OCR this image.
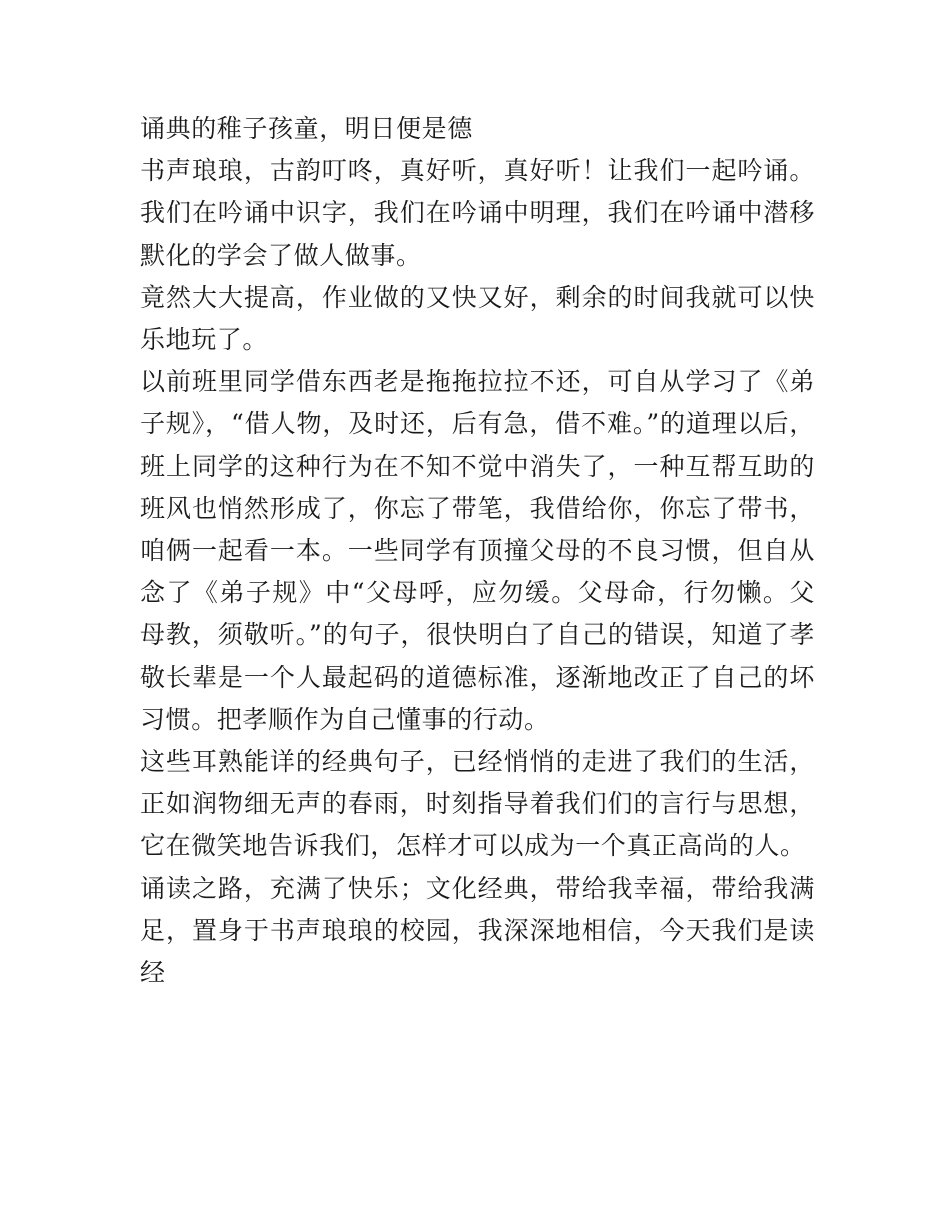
诵典的稚子孩童，明日便是德

书声琅琅，古韵叮咚，真好听，真好听！让我们一起吟诵。我们在吟诵中识字，我们在吟诵中明理，我们在吟诵中潜移默化的学会了做人做事。

竟然大大提高，作业做的又快又好，剩余的时间我就可以快乐地玩了。

以前班里同学借东西老是拖拖拉拉不还，可自从学习了《弟子规》，“借人物，及时还，后有急，借不难。”的道理以后，班上同学的这种行为在不知不觉中消失了，一种互帮互助的班风也悄然形成了，你忘了带笔，我借给你，你忘了带书，咱俩一起看一本。一些同学有顶撞父母的不良习惯，但自从念了《弟子规》中“父母呼，应勿缓。父母命，行勿懒。父母教，须敬听。”的句子，很快明白了自己的错误，知道了孝敬长辈是一个人最起码的道德标准，逐渐地改正了自己的坏习惯。把孝顺作为自己懂事的行动。

这些耳熟能详的经典句子，已经悄悄的走进了我们的生活，正如润物细无声的春雨，时刻指导着我们们的言行与思想，它在微笑地告诉我们，怎样才可以成为一个真正高尚的人。

诵读之路，充满了快乐；文化经典，带给我幸福，带给我满足，置身于书声琅琅的校园，我深深地相信，今天我们是读经
